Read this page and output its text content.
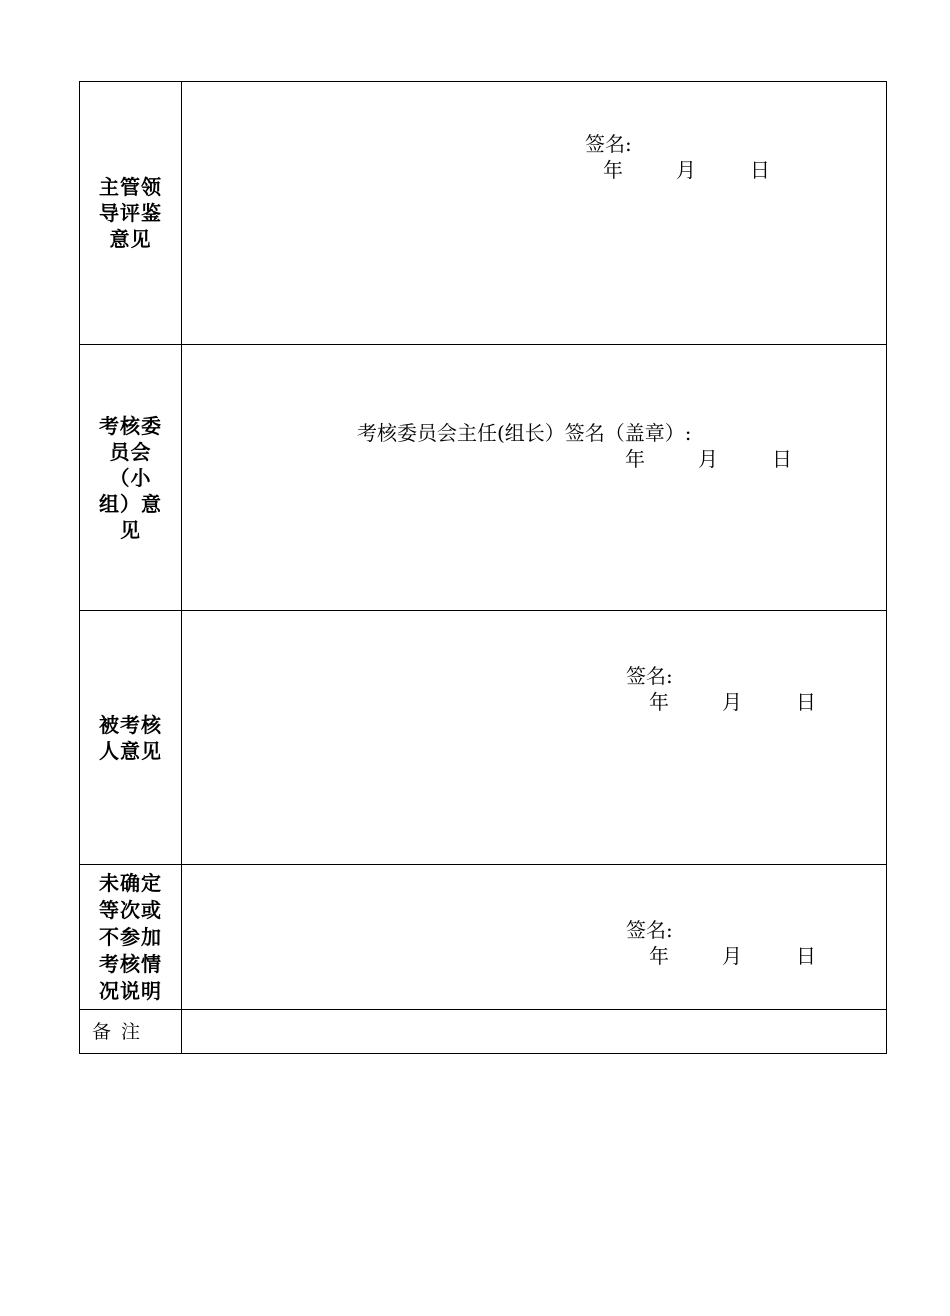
主管领导评鉴意见	签名:
年 月 日

考核委员会（小组）意见	考核委员会主任(组长）签名（盖章）:
年 月 日

被考核人意见	签名:
年 月 日

未确定等次或不参加考核情况说明	签名:
年 月 日

备注	
